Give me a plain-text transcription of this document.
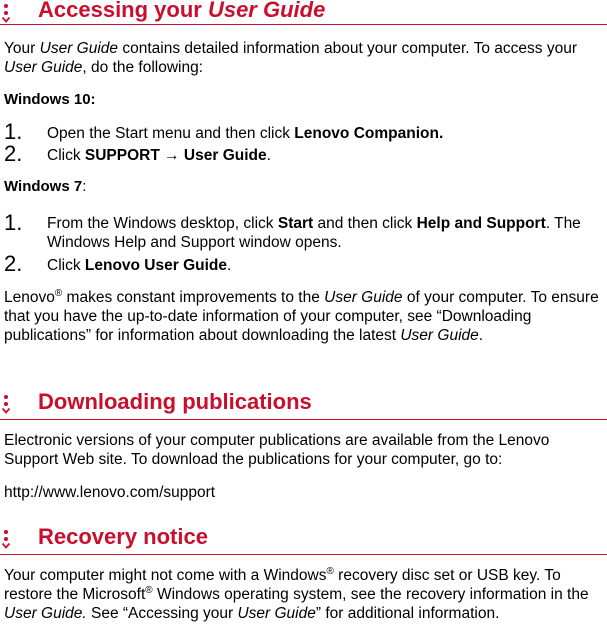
Accessing your User Guide
Your User Guide contains detailed information about your computer. To access your User Guide, do the following:
Windows 10:
1. Open the Start menu and then click Lenovo Companion.
2. Click SUPPORT → User Guide.
Windows 7:
1. From the Windows desktop, click Start and then click Help and Support. The Windows Help and Support window opens.
2. Click Lenovo User Guide.
Lenovo® makes constant improvements to the User Guide of your computer. To ensure that you have the up-to-date information of your computer, see “Downloading publications” for information about downloading the latest User Guide.
Downloading publications
Electronic versions of your computer publications are available from the Lenovo Support Web site. To download the publications for your computer, go to:
http://www.lenovo.com/support
Recovery notice
Your computer might not come with a Windows® recovery disc set or USB key. To restore the Microsoft® Windows operating system, see the recovery information in the User Guide. See “Accessing your User Guide” for additional information.
